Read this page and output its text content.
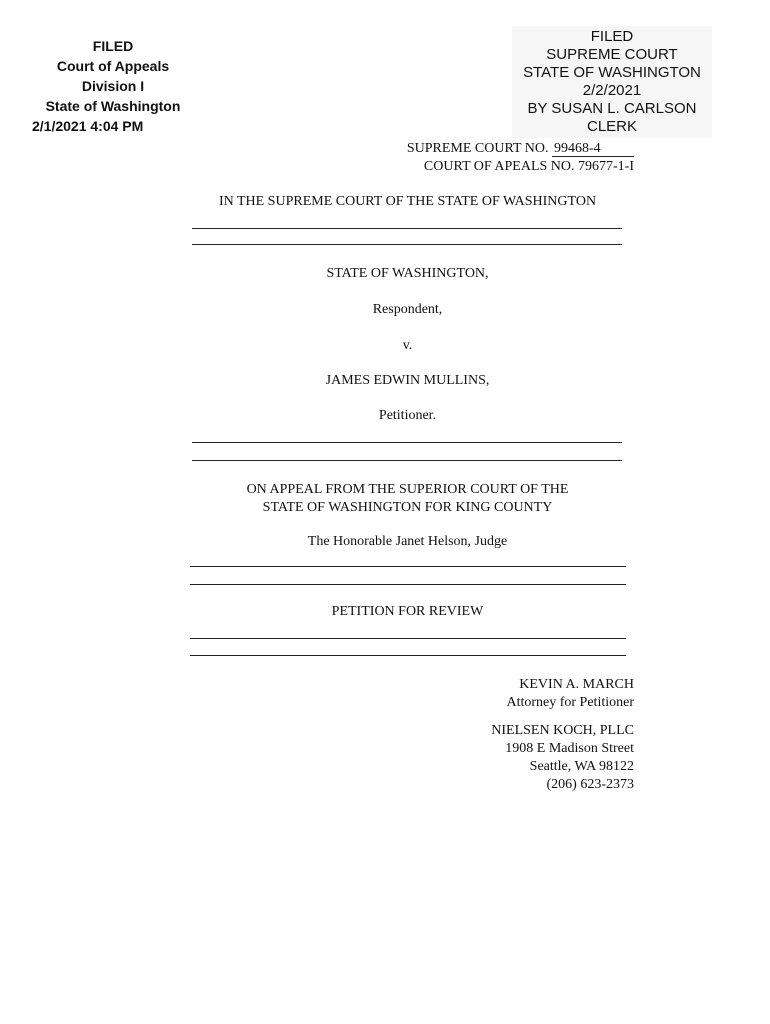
FILED
Court of Appeals
Division I
State of Washington
2/1/2021 4:04 PM
FILED
SUPREME COURT
STATE OF WASHINGTON
2/2/2021
BY SUSAN L. CARLSON
CLERK
SUPREME COURT NO. 99468-4
COURT OF APEALS NO. 79677-1-I
IN THE SUPREME COURT OF THE STATE OF WASHINGTON
STATE OF WASHINGTON,
Respondent,
v.
JAMES EDWIN MULLINS,
Petitioner.
ON APPEAL FROM THE SUPERIOR COURT OF THE
STATE OF WASHINGTON FOR KING COUNTY
The Honorable Janet Helson, Judge
PETITION FOR REVIEW
KEVIN A. MARCH
Attorney for Petitioner
NIELSEN KOCH, PLLC
1908 E Madison Street
Seattle, WA 98122
(206) 623-2373
